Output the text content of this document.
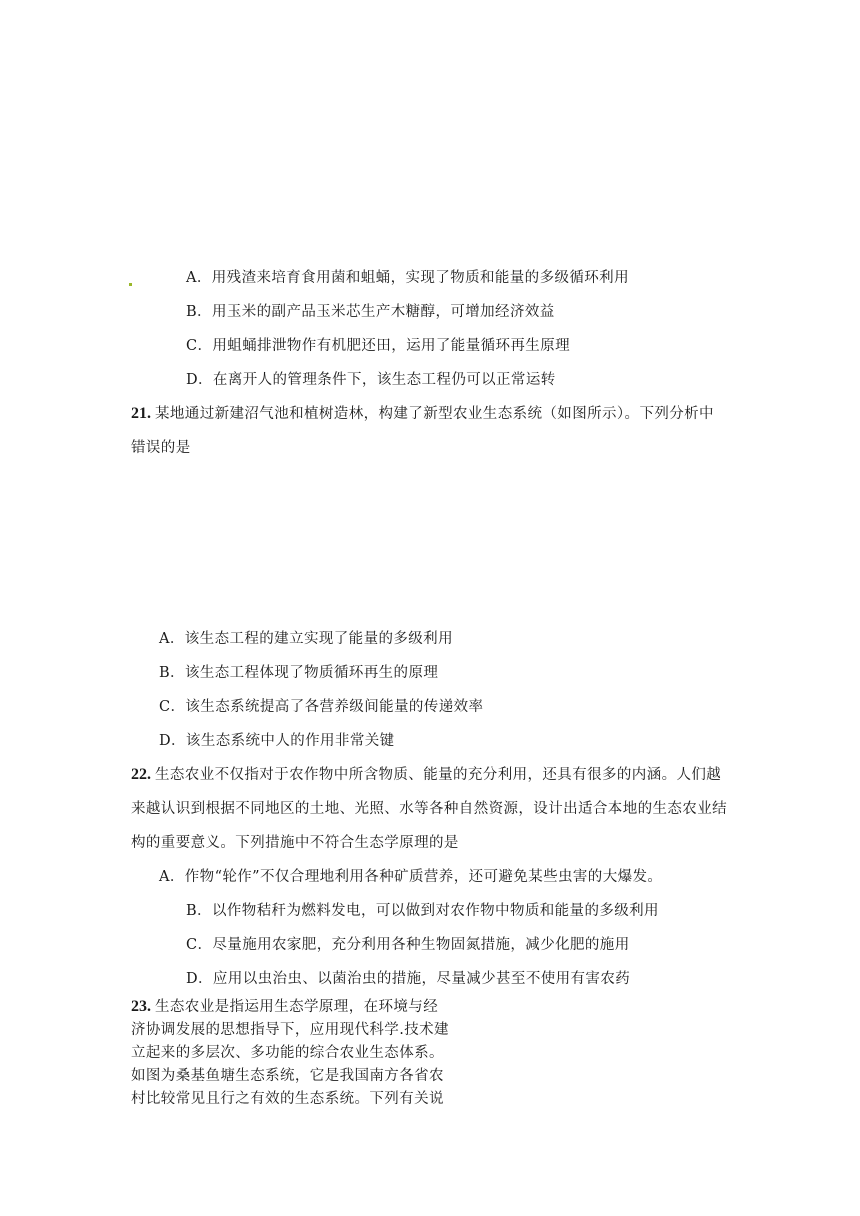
A．用残渣来培育食用菌和蛆蛹，实现了物质和能量的多级循环利用
B．用玉米的副产品玉米芯生产木糖醇，可增加经济效益
C．用蛆蛹排泄物作有机肥还田，运用了能量循环再生原理
D．在离开人的管理条件下，该生态工程仍可以正常运转
21. 某地通过新建沼气池和植树造林，构建了新型农业生态系统（如图所示）。下列分析中
错误的是
A．该生态工程的建立实现了能量的多级利用
B．该生态工程体现了物质循环再生的原理
C．该生态系统提高了各营养级间能量的传递效率
D．该生态系统中人的作用非常关键
22. 生态农业不仅指对于农作物中所含物质、能量的充分利用，还具有很多的内涵。人们越
来越认识到根据不同地区的土地、光照、水等各种自然资源，设计出适合本地的生态农业结
构的重要意义。下列措施中不符合生态学原理的是
A．作物“轮作”不仅合理地利用各种矿质营养，还可避免某些虫害的大爆发。
B．以作物秸秆为燃料发电，可以做到对农作物中物质和能量的多级利用
C．尽量施用农家肥，充分利用各种生物固氮措施，减少化肥的施用
D．应用以虫治虫、以菌治虫的措施，尽量减少甚至不使用有害农药
23. 生态农业是指运用生态学原理，在环境与经
济协调发展的思想指导下，应用现代科学.技术建
立起来的多层次、多功能的综合农业生态体系。
如图为桑基鱼塘生态系统，它是我国南方各省农
村比较常见且行之有效的生态系统。下列有关说
